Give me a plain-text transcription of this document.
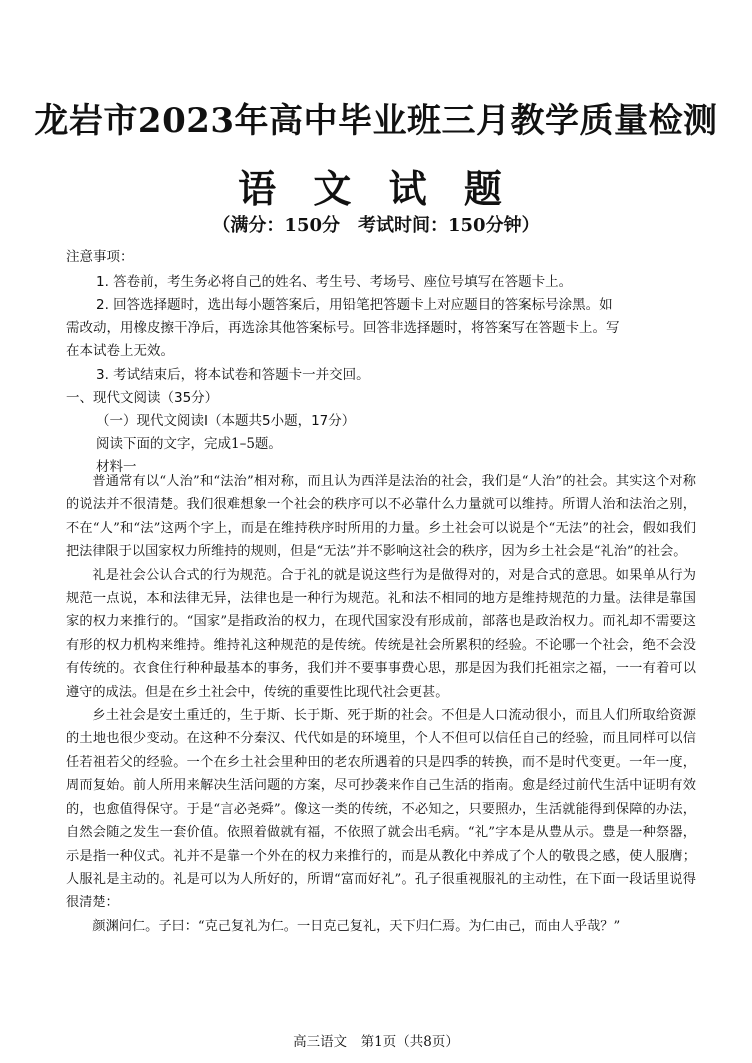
龙岩市2023年高中毕业班三月教学质量检测
语 文 试 题
（满分：150分　考试时间：150分钟）
注意事项：
1. 答卷前，考生务必将自己的姓名、考生号、考场号、座位号填写在答题卡上。
2. 回答选择题时，选出每小题答案后，用铅笔把答题卡上对应题目的答案标号涂黑。如
需改动，用橡皮擦干净后，再选涂其他答案标号。回答非选择题时，将答案写在答题卡上。写
在本试卷上无效。
3. 考试结束后，将本试卷和答题卡一并交回。
一、现代文阅读（35分）
（一）现代文阅读Ⅰ（本题共5小题，17分）
阅读下面的文字，完成1–5题。
材料一

普通常有以“人治”和“法治”相对称，而且认为西洋是法治的社会，我们是“人治”的社会。其实这个对称的说法并不很清楚。我们很难想象一个社会的秩序可以不必靠什么力量就可以维持。所谓人治和法治之别，不在“人”和“法”这两个字上，而是在维持秩序时所用的力量。乡土社会可以说是个“无法”的社会，假如我们把法律限于以国家权力所维持的规则，但是“无法”并不影响这社会的秩序，因为乡土社会是“礼治”的社会。

礼是社会公认合式的行为规范。合于礼的就是说这些行为是做得对的，对是合式的意思。如果单从行为规范一点说，本和法律无异，法律也是一种行为规范。礼和法不相同的地方是维持规范的力量。法律是靠国家的权力来推行的。“国家”是指政治的权力，在现代国家没有形成前，部落也是政治权力。而礼却不需要这有形的权力机构来维持。维持礼这种规范的是传统。传统是社会所累积的经验。不论哪一个社会，绝不会没有传统的。衣食住行种种最基本的事务，我们并不要事事费心思，那是因为我们托祖宗之福，一一有着可以遵守的成法。但是在乡土社会中，传统的重要性比现代社会更甚。

乡土社会是安土重迁的，生于斯、长于斯、死于斯的社会。不但是人口流动很小，而且人们所取给资源的土地也很少变动。在这种不分秦汉、代代如是的环境里，个人不但可以信任自己的经验，而且同样可以信任若祖若父的经验。一个在乡土社会里种田的老农所遇着的只是四季的转换，而不是时代变更。一年一度，周而复始。前人所用来解决生活问题的方案，尽可抄袭来作自己生活的指南。愈是经过前代生活中证明有效的，也愈值得保守。于是“言必尧舜”。像这一类的传统，不必知之，只要照办，生活就能得到保障的办法，自然会随之发生一套价值。依照着做就有福，不依照了就会出毛病。“礼”字本是从豊从示。豊是一种祭器，示是指一种仪式。礼并不是靠一个外在的权力来推行的，而是从教化中养成了个人的敬畏之感，使人服膺；人服礼是主动的。礼是可以为人所好的，所谓“富而好礼”。孔子很重视服礼的主动性，在下面一段话里说得很清楚：

颜渊问仁。子曰：“克己复礼为仁。一日克己复礼，天下归仁焉。为仁由己，而由人乎哉？”

高三语文　第1页（共8页）
